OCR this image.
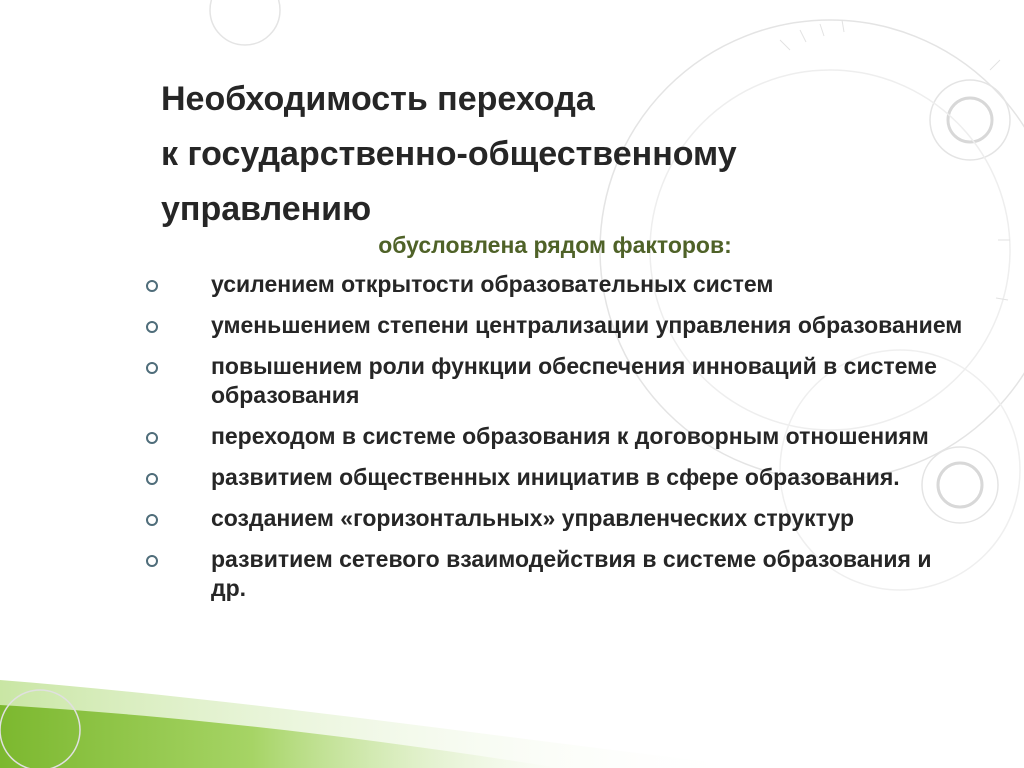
Необходимость перехода
к государственно-общественному
управлению
обусловлена рядом факторов:
усилением открытости образовательных систем
уменьшением степени централизации управления образованием
повышением роли функции обеспечения инноваций в системе образования
переходом в системе образования к договорным отношениям
развитием общественных инициатив в сфере образования.
созданием «горизонтальных» управленческих структур
развитием сетевого взаимодействия в системе образования и др.
